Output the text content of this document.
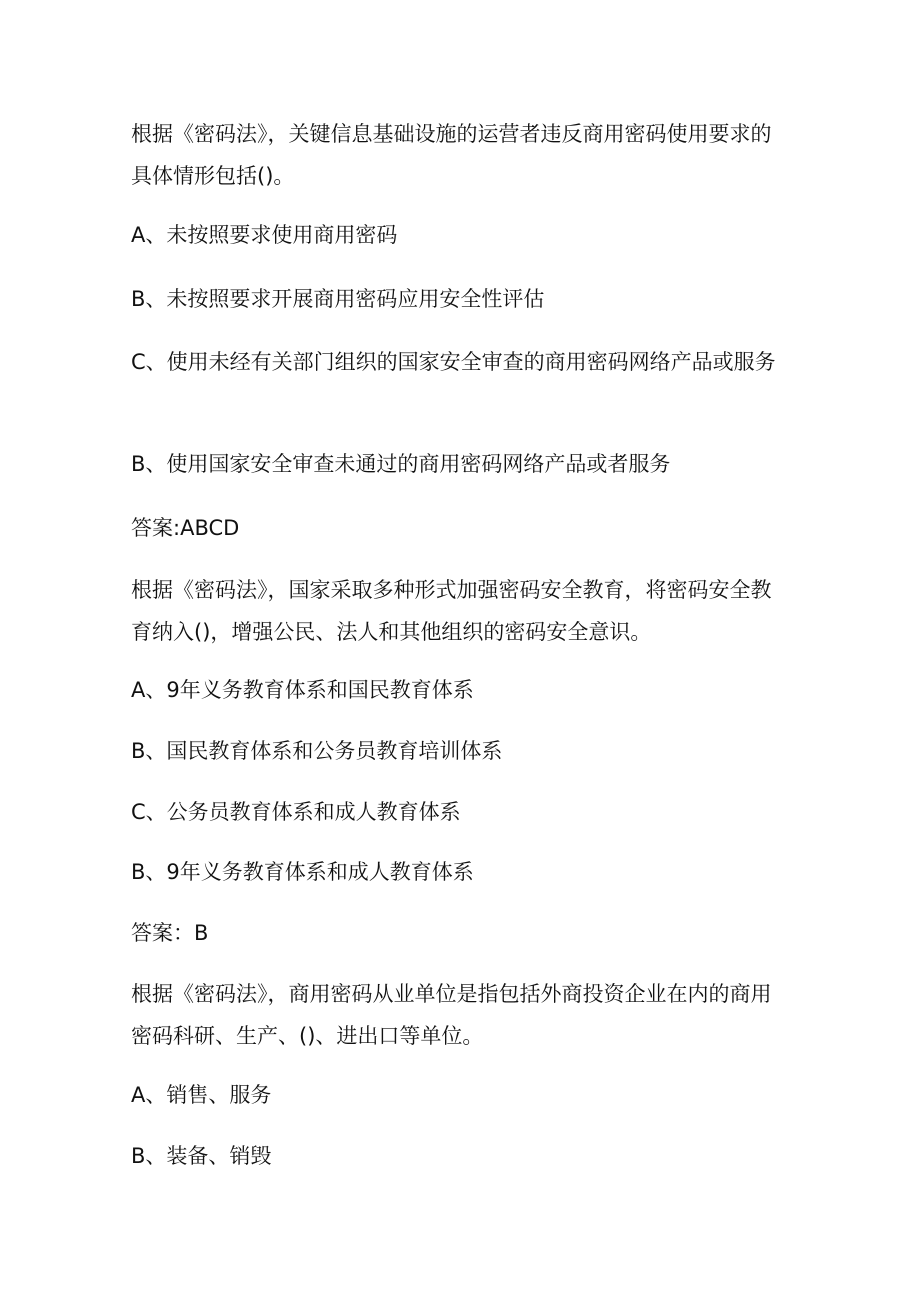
根据《密码法》，关键信息基础设施的运营者违反商用密码使用要求的具体情形包括()。

A、未按照要求使用商用密码

B、未按照要求开展商用密码应用安全性评估

C、使用未经有关部门组织的国家安全审查的商用密码网络产品或服务

B、使用国家安全审查未通过的商用密码网络产品或者服务

答案:ABCD

根据《密码法》，国家采取多种形式加强密码安全教育，将密码安全教育纳入()，增强公民、法人和其他组织的密码安全意识。

A、9年义务教育体系和国民教育体系

B、国民教育体系和公务员教育培训体系

C、公务员教育体系和成人教育体系

B、9年义务教育体系和成人教育体系

答案：B

根据《密码法》，商用密码从业单位是指包括外商投资企业在内的商用密码科研、生产、()、进出口等单位。

A、销售、服务

B、装备、销毁
